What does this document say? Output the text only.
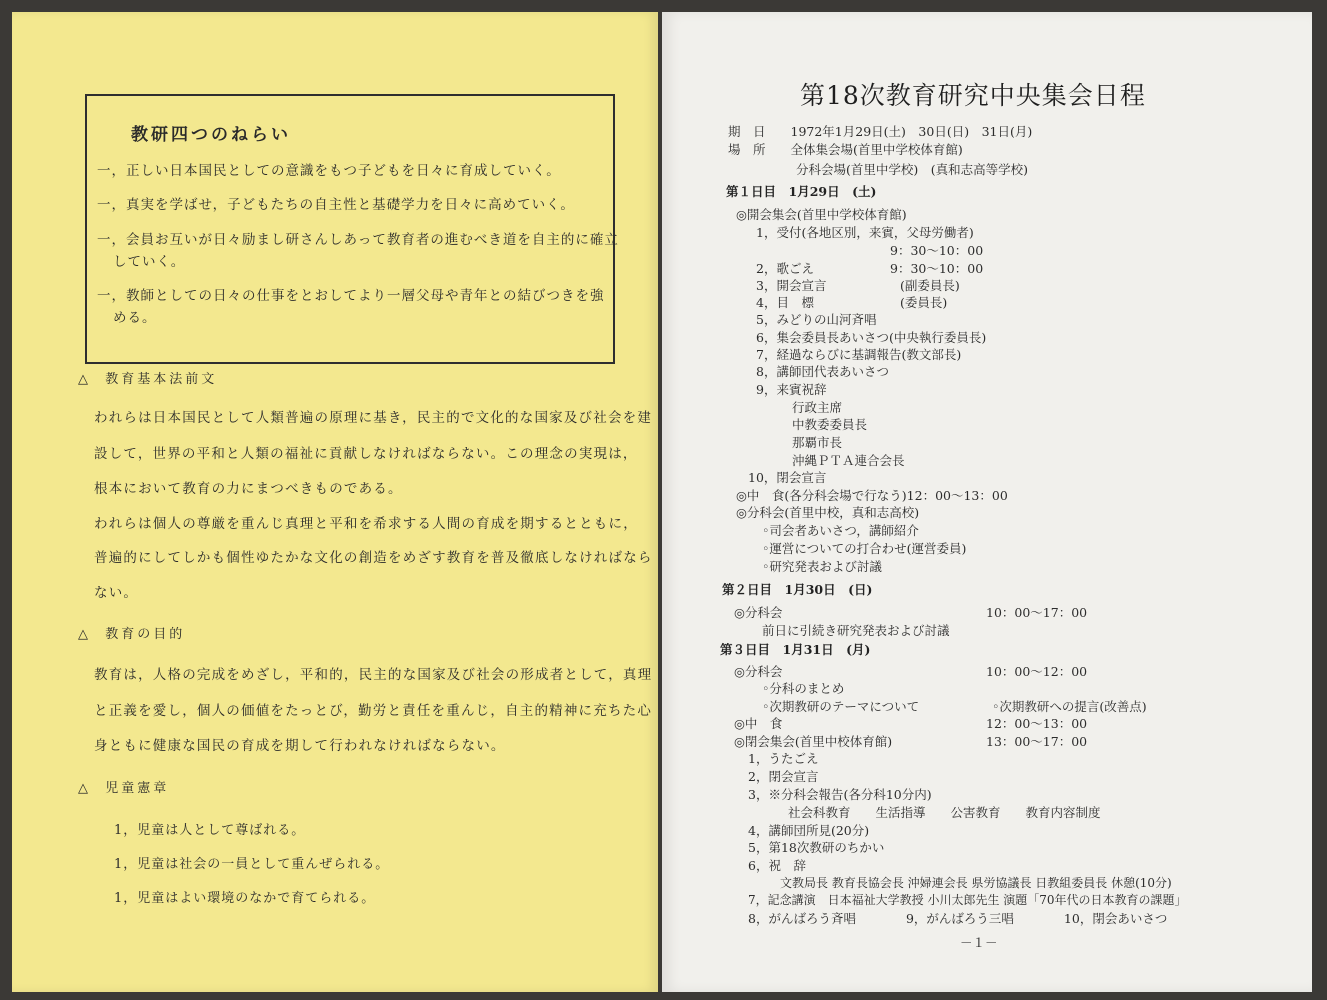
教研四つのねらい
一，正しい日本国民としての意識をもつ子どもを日々に育成していく。
一，真実を学ばせ，子どもたちの自主性と基礎学力を日々に高めていく。
一，会員お互いが日々励まし研さんしあって教育者の進むべき道を自主的に確立
していく。
一，教師としての日々の仕事をとおしてより一層父母や青年との結びつきを強
める。
△ 教育基本法前文
われらは日本国民として人類普遍の原理に基き，民主的で文化的な国家及び社会を建
設して，世界の平和と人類の福祉に貢献しなければならない。この理念の実現は，
根本において教育の力にまつべきものである。
われらは個人の尊厳を重んじ真理と平和を希求する人間の育成を期するとともに，
普遍的にしてしかも個性ゆたかな文化の創造をめざす教育を普及徹底しなければなら
ない。
△ 教育の目的
教育は，人格の完成をめざし，平和的，民主的な国家及び社会の形成者として，真理
と正義を愛し，個人の価値をたっとび，勤労と責任を重んじ，自主的精神に充ちた心
身ともに健康な国民の育成を期して行われなければならない。
△ 児童憲章
1，児童は人として尊ばれる。
1，児童は社会の一員として重んぜられる。
1，児童はよい環境のなかで育てられる。
第18次教育研究中央集会日程
期　日　　1972年1月29日(土)　30日(日)　31日(月)
場　所　　全体集会場(首里中学校体育館)
分科会場(首里中学校)　(真和志高等学校)
第１日目　1月29日　(土)
◎開会集会(首里中学校体育館)
1，受付(各地区別，来賓，父母労働者)
9：30～10：00
2，歌ごえ	9：30～10：00
3，開会宣言	(副委員長)
4，目　標	(委員長)
5，みどりの山河斉唱
6，集会委員長あいさつ(中央執行委員長)
7，経過ならびに基調報告(教文部長)
8，講師団代表あいさつ
9，来賓祝辞
行政主席
中教委委員長
那覇市長
沖縄ＰＴＡ連合会長
10，閉会宣言
◎中　食(各分科会場で行なう)12：00～13：00
◎分科会(首里中校，真和志高校)
◦司会者あいさつ，講師紹介
◦運営についての打合わせ(運営委員)
◦研究発表および討議
第２日目　1月30日　(日)
◎分科会	10：00～17：00
前日に引続き研究発表および討議
第３日目　1月31日　(月)
◎分科会	10：00～12：00
◦分科のまとめ
◦次期教研のテーマについて	◦次期教研への提言(改善点)
◎中　食	12：00～13：00
◎閉会集会(首里中校体育館)	13：00～17：00
1，うたごえ
2，閉会宣言
3，※分科会報告(各分科10分内)
社会科教育　　生活指導　　公害教育　　教育内容制度
4，講師団所見(20分)
5，第18次教研のちかい
6，祝　辞
文教局長 教育長協会長 沖婦連会長 県労協議長 日教組委員長 休憩(10分)
7，記念講演　日本福祉大学教授 小川太郎先生 演題「70年代の日本教育の課題」
8，がんばろう斉唱　　　　9，がんばろう三唱　　　　10，閉会あいさつ
－１－
